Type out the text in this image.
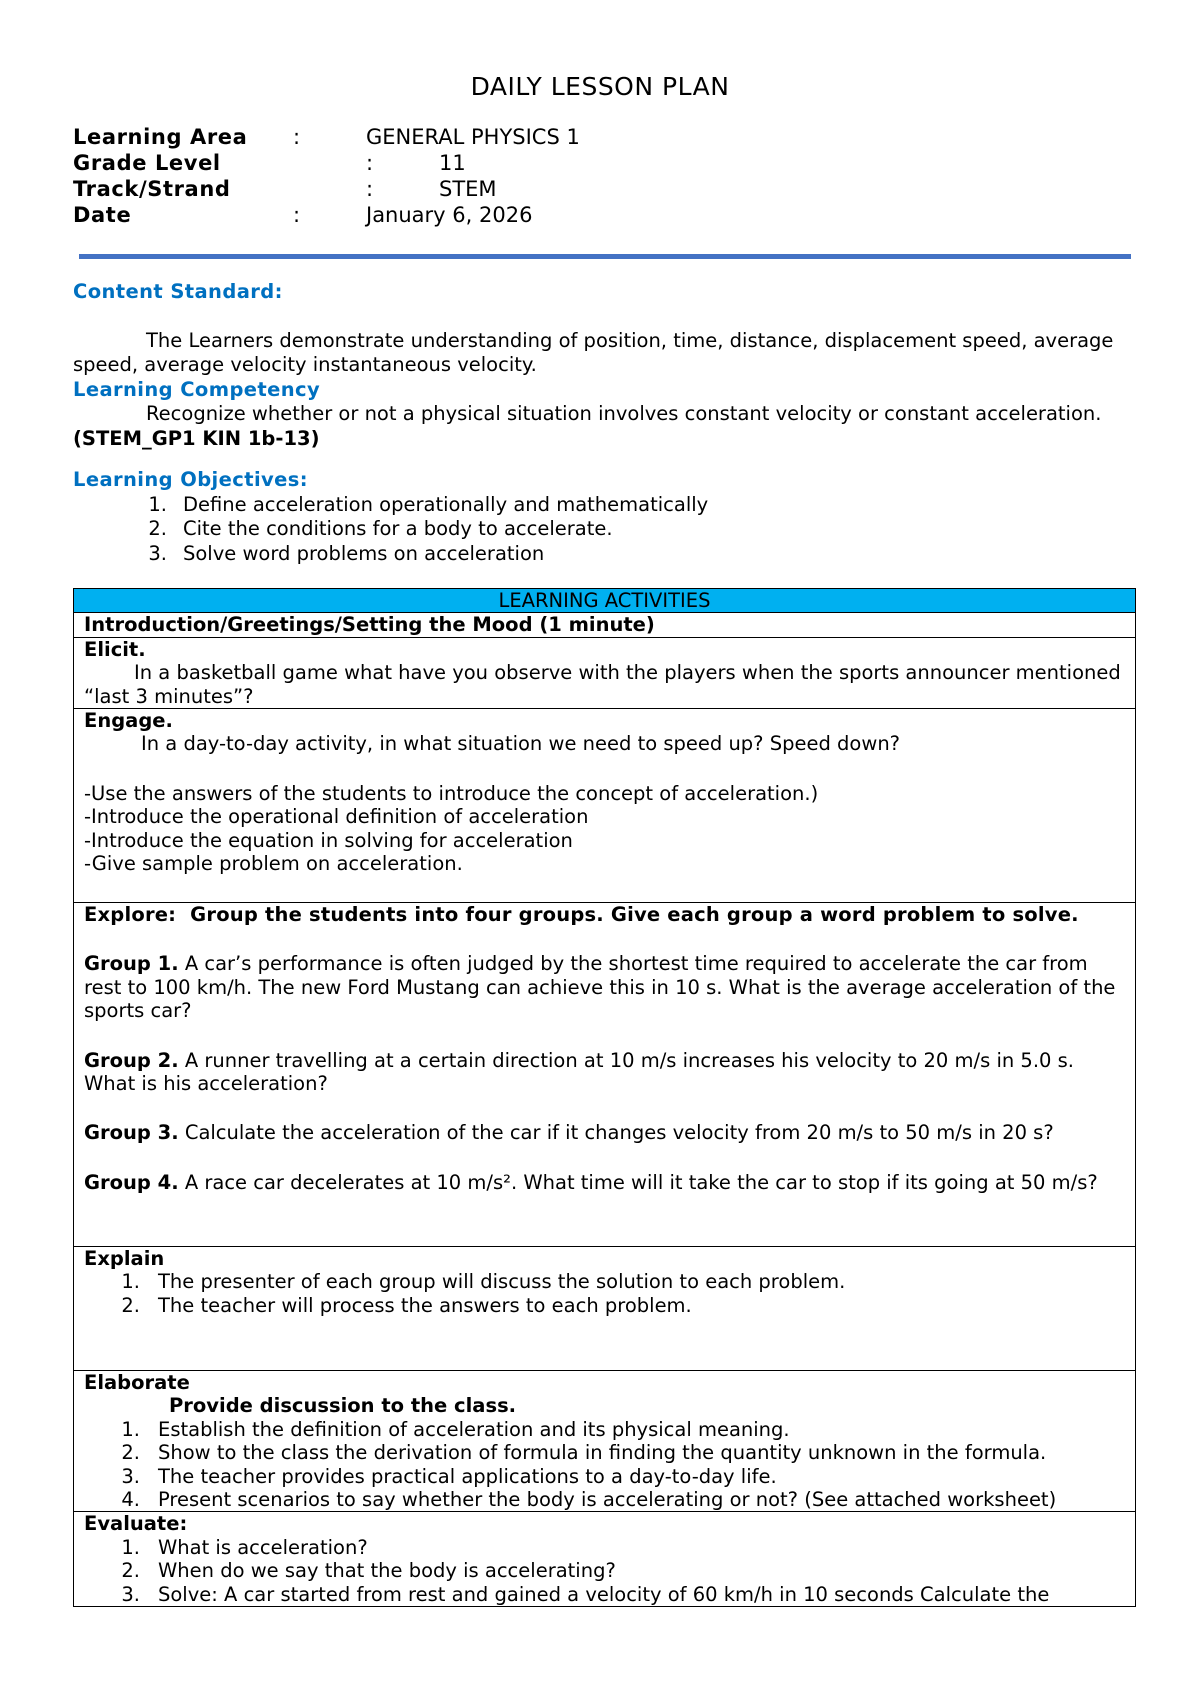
DAILY LESSON PLAN
Learning Area :	GENERAL PHYSICS 1
Grade Level	:	11
Track/Strand	:	STEM
Date	:	January 6, 2026
Content Standard:

The Learners demonstrate understanding of position, time, distance, displacement speed, average speed, average velocity instantaneous velocity.

Learning Competency

Recognize whether or not a physical situation involves constant velocity or constant acceleration. (STEM_GP1 KIN 1b-13)

Learning Objectives:
1. Define acceleration operationally and mathematically
2. Cite the conditions for a body to accelerate.
3. Solve word problems on acceleration
LEARNING ACTIVITIES
Introduction/Greetings/Setting the Mood (1 minute)

Elicit.
In a basketball game what have you observe with the players when the sports announcer mentioned “last 3 minutes”?

Engage.
In a day-to-day activity, in what situation we need to speed up? Speed down?
-Use the answers of the students to introduce the concept of acceleration.)
-Introduce the operational definition of acceleration
-Introduce the equation in solving for acceleration
-Give sample problem on acceleration.

Explore: Group the students into four groups. Give each group a word problem to solve.
Group 1. A car’s performance is often judged by the shortest time required to accelerate the car from rest to 100 km/h. The new Ford Mustang can achieve this in 10 s. What is the average acceleration of the sports car?
Group 2. A runner travelling at a certain direction at 10 m/s increases his velocity to 20 m/s in 5.0 s. What is his acceleration?
Group 3. Calculate the acceleration of the car if it changes velocity from 20 m/s to 50 m/s in 20 s?
Group 4. A race car decelerates at 10 m/s². What time will it take the car to stop if its going at 50 m/s?

Explain
1. The presenter of each group will discuss the solution to each problem.
2. The teacher will process the answers to each problem.

Elaborate
Provide discussion to the class.
1. Establish the definition of acceleration and its physical meaning.
2. Show to the class the derivation of formula in finding the quantity unknown in the formula.
3. The teacher provides practical applications to a day-to-day life.
4. Present scenarios to say whether the body is accelerating or not? (See attached worksheet)

Evaluate:
1. What is acceleration?
2. When do we say that the body is accelerating?
3. Solve: A car started from rest and gained a velocity of 60 km/h in 10 seconds Calculate the
